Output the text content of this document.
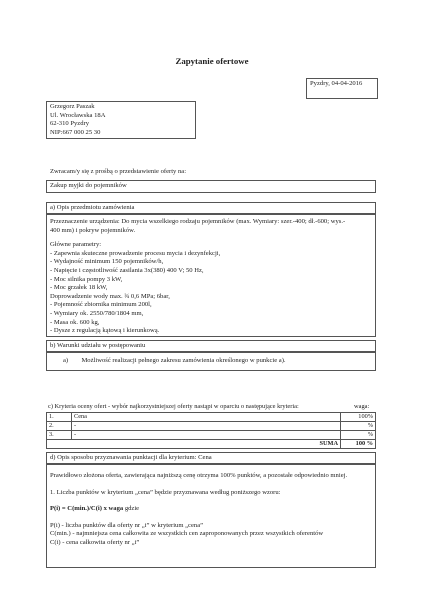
Zapytanie ofertowe
Pyzdry, 04-04-2016
Grzegorz Paszak
Ul. Wrocławska 18A
62-310 Pyzdry
NIP:667 000 25 30
Zwracam/y się z prośbą o przedstawienie oferty na:
Zakup myjki do pojemników
a) Opis przedmiotu zamówienia
Przeznaczenie urządzenia: Do mycia wszelkiego rodzaju pojemników (max. Wymiary: szer.-400; dł.-600; wys.-
400 mm) i pokryw pojemników.
Główne parametry:
- Zapewnia skuteczne prowadzenie procesu mycia i dezynfekcji,
- Wydajność minimum 150 pojemników/h,
- Napięcie i częstotliwość zasilania 3x(380) 400 V; 50 Hz,
- Moc silnika pompy 3 kW,
- Moc grzałek 18 kW,
Doprowadzenie wody max. ¾ 0,6 MPa; 6bar,
- Pojemność zbiornika minimum 200l,
- Wymiary ok. 2550/780/1804 mm,
- Masa ok. 600 kg,
- Dysze z regulacją kątową i kierunkową.
b) Warunki udziału w postępowaniu
a) Możliwość realizacji pełnego zakresu zamówienia określonego w punkcie a).
c) Kryteria oceny ofert - wybór najkorzystniejszej oferty nastąpi w oparciu o następujące kryteria:	waga:
1.	Cena	100%
2.	-	%
3.	-	%
SUMA		100 %
d) Opis sposobu przyznawania punktacji dla kryterium: Cena
Prawidłowo złożona oferta, zawierająca najniższą cenę otrzyma 100% punktów, a pozostałe odpowiednio mniej.
1. Liczba punktów w kryterium „cena” będzie przyznawana według poniższego wzoru:
P(i) = C(min.)/C(i) x waga gdzie
P(i) - liczba punktów dla oferty nr „i” w kryterium „cena”
C(min.) - najmniejsza cena całkowita ze wszystkich cen zaproponowanych przez wszystkich oferentów
C(i) - cena całkowita oferty nr „i”
